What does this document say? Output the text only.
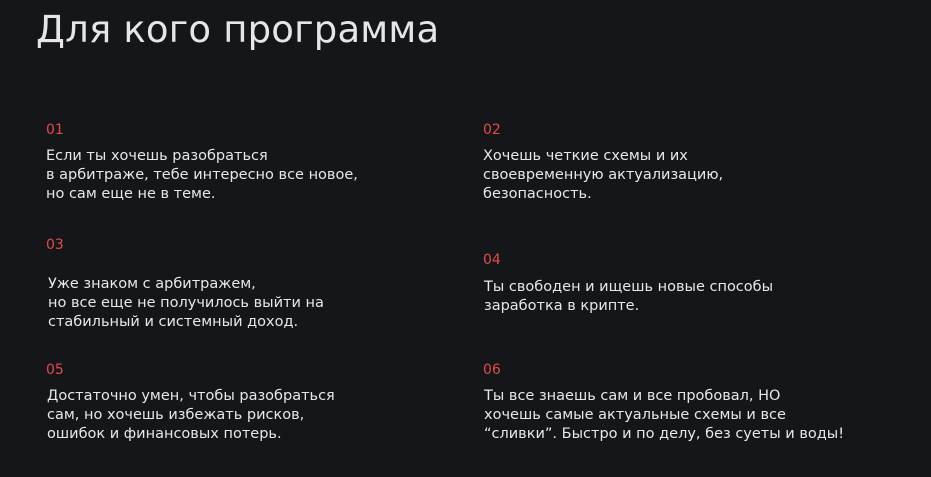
Для кого программа

01

Если ты хочешь разобраться
в арбитраже, тебе интересно все новое,
но сам еще не в теме.

02

Хочешь четкие схемы и их
своевременную актуализацию,
безопасность.

03

Уже знаком с арбитражем,
но все еще не получилось выйти на
стабильный и системный доход.

04

Ты свободен и ищешь новые способы
заработка в крипте.

05

Достаточно умен, чтобы разобраться
сам, но хочешь избежать рисков,
ошибок и финансовых потерь.

06

Ты все знаешь сам и все пробовал, НО
хочешь самые актуальные схемы и все
“сливки”. Быстро и по делу, без суеты и воды!
